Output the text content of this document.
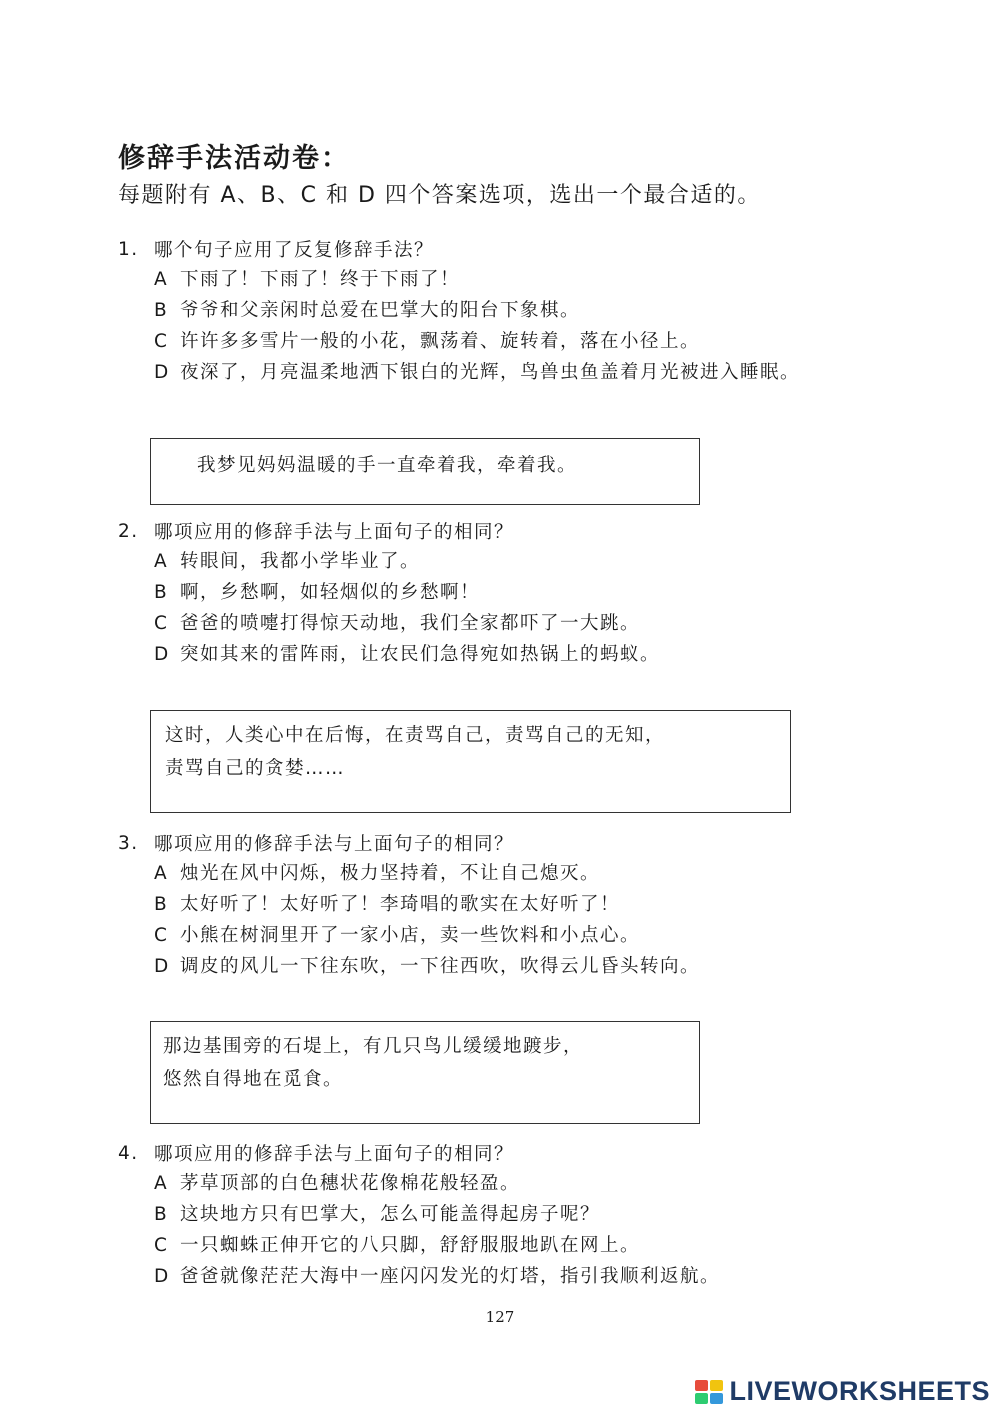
修辞手法活动卷：
每题附有 A、B、C 和 D 四个答案选项，选出一个最合适的。
1. 哪个句子应用了反复修辞手法？
A 下雨了！下雨了！终于下雨了！
B 爷爷和父亲闲时总爱在巴掌大的阳台下象棋。
C 许许多多雪片一般的小花，飘荡着、旋转着，落在小径上。
D 夜深了，月亮温柔地洒下银白的光辉，鸟兽虫鱼盖着月光被进入睡眠。
我梦见妈妈温暖的手一直牵着我，牵着我。
2. 哪项应用的修辞手法与上面句子的相同？
A 转眼间，我都小学毕业了。
B 啊，乡愁啊，如轻烟似的乡愁啊！
C 爸爸的喷嚏打得惊天动地，我们全家都吓了一大跳。
D 突如其来的雷阵雨，让农民们急得宛如热锅上的蚂蚁。
这时，人类心中在后悔，在责骂自己，责骂自己的无知，
责骂自己的贪婪……
3. 哪项应用的修辞手法与上面句子的相同？
A 烛光在风中闪烁，极力坚持着，不让自己熄灭。
B 太好听了！太好听了！李琦唱的歌实在太好听了！
C 小熊在树洞里开了一家小店，卖一些饮料和小点心。
D 调皮的风儿一下往东吹，一下往西吹，吹得云儿昏头转向。
那边基围旁的石堤上，有几只鸟儿缓缓地踱步，
悠然自得地在觅食。
4. 哪项应用的修辞手法与上面句子的相同？
A 茅草顶部的白色穗状花像棉花般轻盈。
B 这块地方只有巴掌大，怎么可能盖得起房子呢？
C 一只蜘蛛正伸开它的八只脚，舒舒服服地趴在网上。
D 爸爸就像茫茫大海中一座闪闪发光的灯塔，指引我顺利返航。
127
LIVEWORKSHEETS
